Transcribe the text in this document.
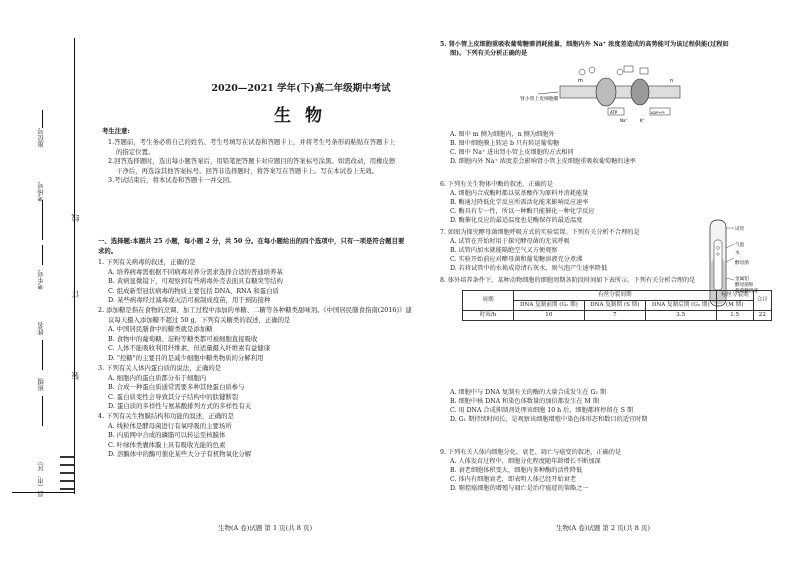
座位号
考场号
考生号
姓名
班级
县（市、区）
线
订
装
2020—2021 学年(下)高二年级期中考试
生物
考生注意:
1.答题前，考生务必将自己的姓名、考生号填写在试卷和答题卡上，并将考生号条形码粘贴在答题卡上
的指定位置。
2.回答选择题时，选出每小题答案后，用铅笔把答题卡对应题目的答案标号涂黑。如需改动，用橡皮擦
干净后，再选涂其他答案标号。回答非选择题时，将答案写在答题卡上。写在本试卷上无效。
3.考试结束后，将本试卷和答题卡一并交回。
一、选择题:本题共 25 小题，每小题 2 分，共 50 分。在每小题给出的四个选项中，只有一项是符合题目要
求的。
1. 下列有关病毒的叙述，正确的是
A. 培养病毒需根据不同病毒对养分需求选择合适的普通培养基
B. 黄病显微镜下，可观察到有些病毒外壳表面具有糖突等结构
C. 组成新型冠状病毒的物质主要包括 DNA、RNA 和蛋白质
D. 某些病毒经过减毒或灭活可被制成疫苗，用于预防接种
2. 添加糖是指在食物的烹调、加工过程中添加的单糖、二糖等各种糖类甜味剂。《中国居民膳食指南(2016)》建
议每天摄入添加糖不超过 50 g，下列有关糖类的叙述，正确的是
A. 中国居民膳食中的糖类就是添加糖
B. 食物中的葡萄糖、淀粉等糖类都可被细胞直接吸收
C. 人体不能吸收利用纤维素，但适量摄入纤维素有益健康
D. "控糖"的主要目的是减少细胞中糖类物质的分解利用
3. 下列有关人体内蛋白质的说法，正确的是
A. 细胞内的蛋白质都分布于细胞内
B. 合成一种蛋白质通常需要多种其他蛋白质参与
C. 蛋白质变性会导致其分子结构中的肽键断裂
D. 蛋白质的多样性与氨基酸排列方式的多样性有关
4. 下列有关生物膜结构和功能的叙述，正确的是
A. 线粒体是酵母菌进行有氧呼吸的主要场所
B. 内质网中合成的磷脂可以转运至核膜体
C. 叶绿体类囊体膜上具有吸收光能的色素
D. 溶酶体中的酶可催化某些大分子有机物氧化分解
生物(A 卷)试题 第 1 页(共 8 页)
5. 肾小管上皮细胞重吸收葡萄糖需消耗能量，细胞内外 Na⁺ 浓度差造成的高势能可为该过程供能(过程如
图)。下列有关分析正确的是
肾小管上皮细胞膜
m	n
ATP	ADP+Pi
K⁺
Na⁺
A. 图中 m 侧为细胞内，n 侧为细胞外
B. 图中细胞膜上转运 b 只有转运葡萄糖
C. 图中 Na⁺ 进出肾小管上皮细胞的方式相同
D. 细胞内外 Na⁺ 浓度差会影响肾小管上皮细胞重吸收葡萄糖的速率
6. 下列有关生物体中酶的叙述，正确的是
A. 细胞内合成酶时都以氨基酸作为原料并消耗能量
B. 酶通过降低化学反应所需活化能来影响反应速率
C. 酶具有专一性，所以一种酶只能催化一种化学反应
D. 酶催化反应的最适温度也是酶保存的最适温度
7. 如图为探究酵母菌细胞呼吸方式的实验装置。下列有关分析不合理的是
A. 试管在开始时用于探究酵母菌的无氧呼吸
B. 试管内加水就能隔绝空气又方便观察
C. 实验开始前应对酵母菌和葡萄糖溶液充分煮沸
D. 若将试管中的水换成澄清石灰水，则气泡产生速率降低
试管
气泡
水
酵母菌
金属铝
酵母菌和
葡萄糖溶液
8. 体外培养条件下，某种动物细胞的细胞周期各阶段时间如下表所示。下列有关分析合理的是
周期	有丝分裂间期			有丝分裂期	合计
	DNA 复制前期 (G₁ 期)	DNA 复制期 (S 期)	DNA 复制后期 (G₂ 期)	(M 期)	
时间/h	10	7	3.5	1.5	22
A. 细胞中与 DNA 复制有关的酶的大量合成发生在 G₂ 期
B. 细胞中核 DNA 和染色体数量的加倍都发生在 M 期
C. 用 DNA 合成抑制剂处理该细胞 10 h 后，细胞都将停留在 S 期
D. G₁ 期持续时间长，是观察该细胞增殖中染色体形态和数目的适宜时期
9. 下列有关人体内细胞分化、衰老、凋亡与癌变的叙述，正确的是
A. 人体发育过程中，细胞分化程度随年龄增长不断加深
B. 衰老细胞体积变大，细胞内多种酶的活性降低
C. 体内有细胞衰老，即表明人体已经开始衰老
D. 剔控癌细胞的增殖与凋亡是治疗癌症的策略之一
生物(A 卷)试题 第 2 页(共 8 页)
